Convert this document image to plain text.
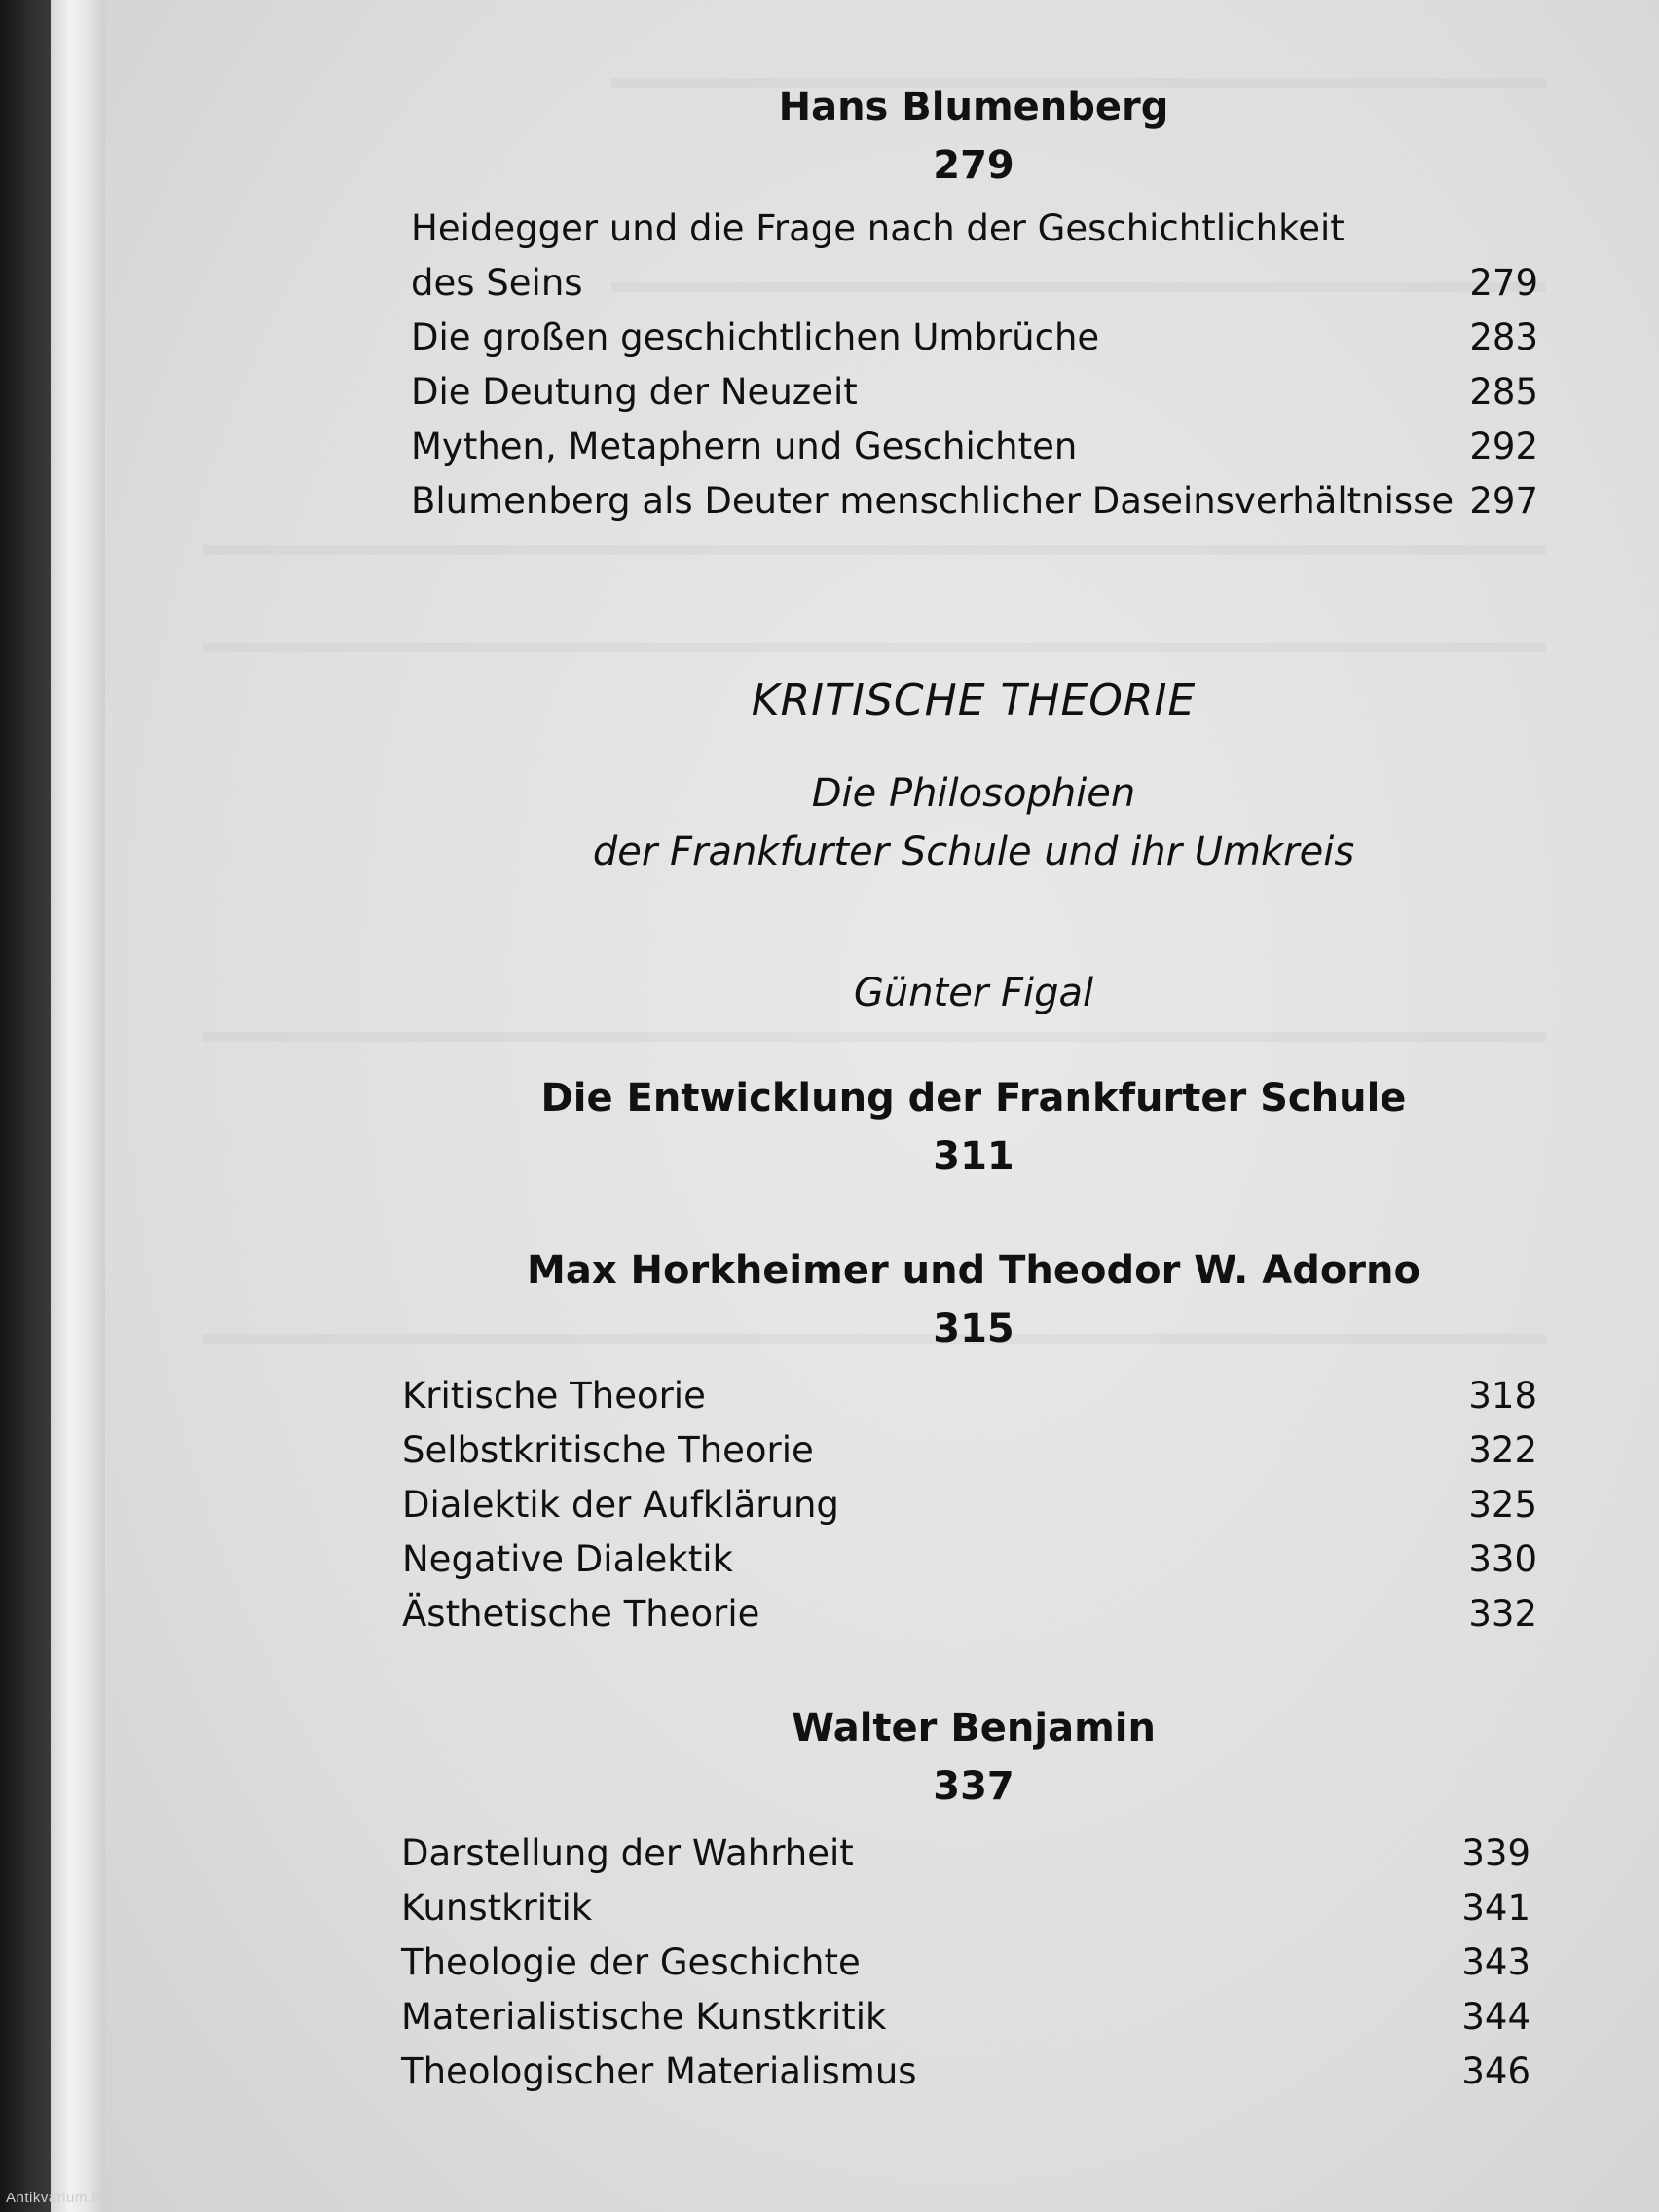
Hans Blumenberg
279
Heidegger und die Frage nach der Geschichtlichkeit
des Seins	279
Die großen geschichtlichen Umbrüche	283
Die Deutung der Neuzeit	285
Mythen, Metaphern und Geschichten	292
Blumenberg als Deuter menschlicher Daseinsverhältnisse 297
KRITISCHE THEORIE
Die Philosophien
der Frankfurter Schule und ihr Umkreis
Günter Figal
Die Entwicklung der Frankfurter Schule
311
Max Horkheimer und Theodor W. Adorno
315
Kritische Theorie	318
Selbstkritische Theorie	322
Dialektik der Aufklärung	325
Negative Dialektik	330
Ästhetische Theorie	332
Walter Benjamin
337
Darstellung der Wahrheit	339
Kunstkritik	341
Theologie der Geschichte	343
Materialistische Kunstkritik	344
Theologischer Materialismus	346
Antikvarium.hu
